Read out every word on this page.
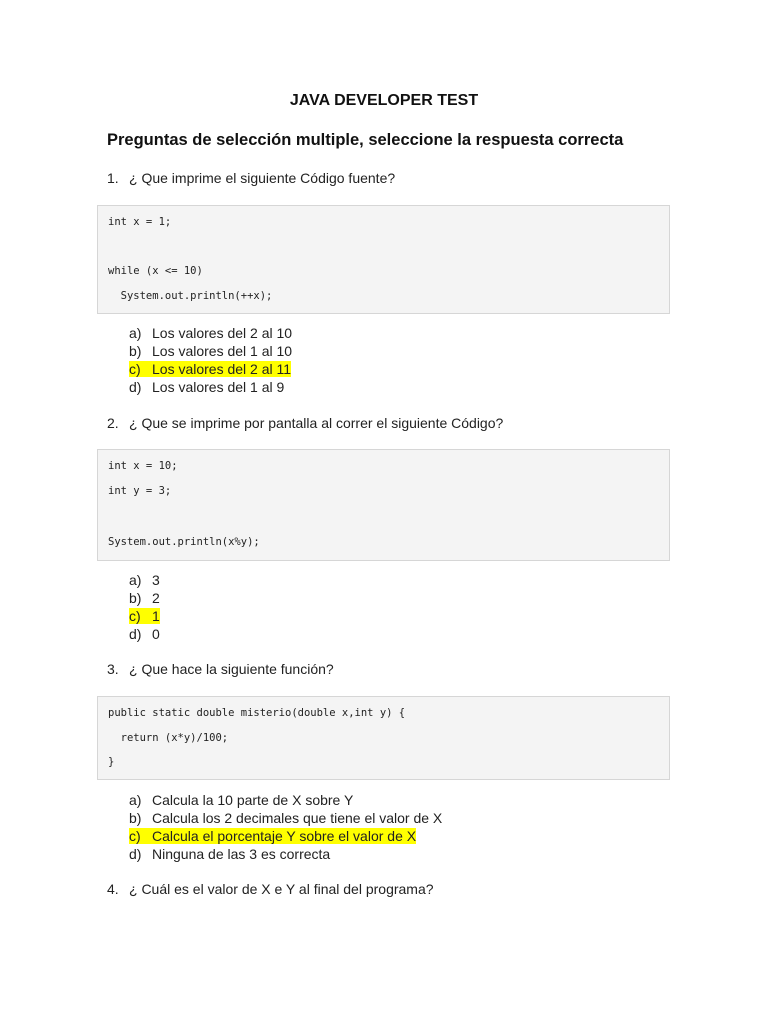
JAVA DEVELOPER TEST
Preguntas de selección multiple, seleccione la respuesta correcta
1. ¿ Que imprime el siguiente Código fuente?
int x = 1;
while (x <= 10)
System.out.println(++x);
a) Los valores del 2 al 10
b) Los valores del 1 al 10
c) Los valores del 2 al 11
d) Los valores del 1 al 9
2. ¿ Que se imprime por pantalla al correr el siguiente Código?
int x = 10;
int y = 3;
System.out.println(x%y);
a) 3
b) 2
c) 1
d) 0
3. ¿ Que hace la siguiente función?
public static double misterio(double x,int y) {
return (x*y)/100;
}
a) Calcula la 10 parte de X sobre Y
b) Calcula los 2 decimales que tiene el valor de X
c) Calcula el porcentaje Y sobre el valor de X
d) Ninguna de las 3 es correcta
4. ¿ Cuál es el valor de X e Y al final del programa?
